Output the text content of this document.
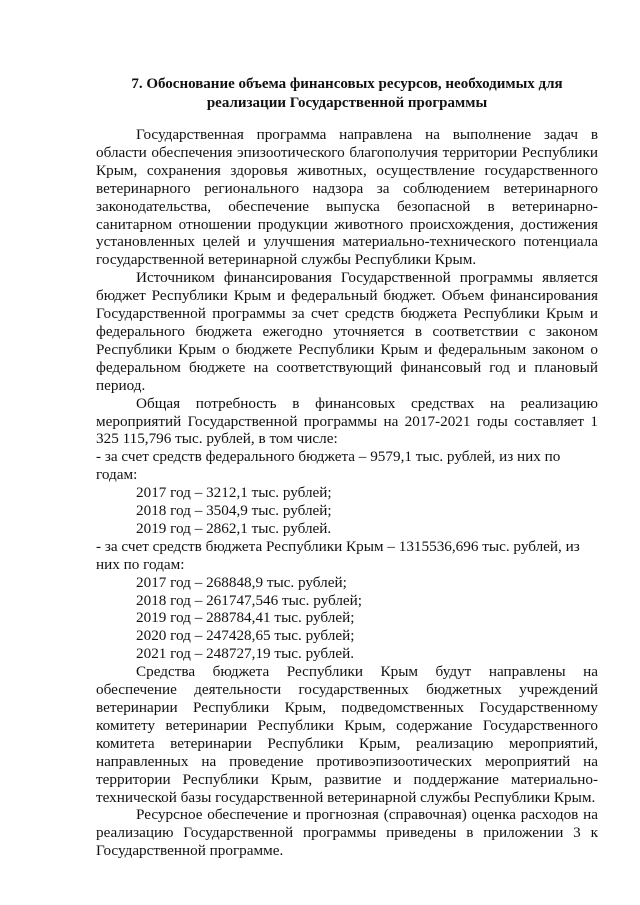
7. Обоснование объема финансовых ресурсов, необходимых для
реализации Государственной программы

Государственная программа направлена на выполнение задач в области обеспечения эпизоотического благополучия территории Республики Крым, сохранения здоровья животных, осуществление государственного ветеринарного регионального надзора за соблюдением ветеринарного законодательства, обеспечение выпуска безопасной в ветеринарно-санитарном отношении продукции животного происхождения, достижения установленных целей и улучшения материально-технического потенциала государственной ветеринарной службы Республики Крым.

Источником финансирования Государственной программы является бюджет Республики Крым и федеральный бюджет. Объем финансирования Государственной программы за счет средств бюджета Республики Крым и федерального бюджета ежегодно уточняется в соответствии с законом Республики Крым о бюджете Республики Крым и федеральным законом о федеральном бюджете на соответствующий финансовый год и плановый период.

Общая потребность в финансовых средствах на реализацию мероприятий Государственной программы на 2017-2021 годы составляет 1 325 115,796 тыс. рублей, в том числе:

- за счет средств федерального бюджета – 9579,1 тыс. рублей, из них по годам:

2017 год – 3212,1 тыс. рублей;

2018 год – 3504,9 тыс. рублей;

2019 год – 2862,1 тыс. рублей.

- за счет средств бюджета Республики Крым – 1315536,696 тыс. рублей, из них по годам:

2017 год – 268848,9 тыс. рублей;

2018 год – 261747,546 тыс. рублей;

2019 год – 288784,41 тыс. рублей;

2020 год – 247428,65 тыс. рублей;

2021 год – 248727,19 тыс. рублей.

Средства бюджета Республики Крым будут направлены на обеспечение деятельности государственных бюджетных учреждений ветеринарии Республики Крым, подведомственных Государственному комитету ветеринарии Республики Крым, содержание Государственного комитета ветеринарии Республики Крым, реализацию мероприятий, направленных на проведение противоэпизоотических мероприятий на территории Республики Крым, развитие и поддержание материально-технической базы государственной ветеринарной службы Республики Крым.

Ресурсное обеспечение и прогнозная (справочная) оценка расходов на реализацию Государственной программы приведены в приложении 3 к Государственной программе.
